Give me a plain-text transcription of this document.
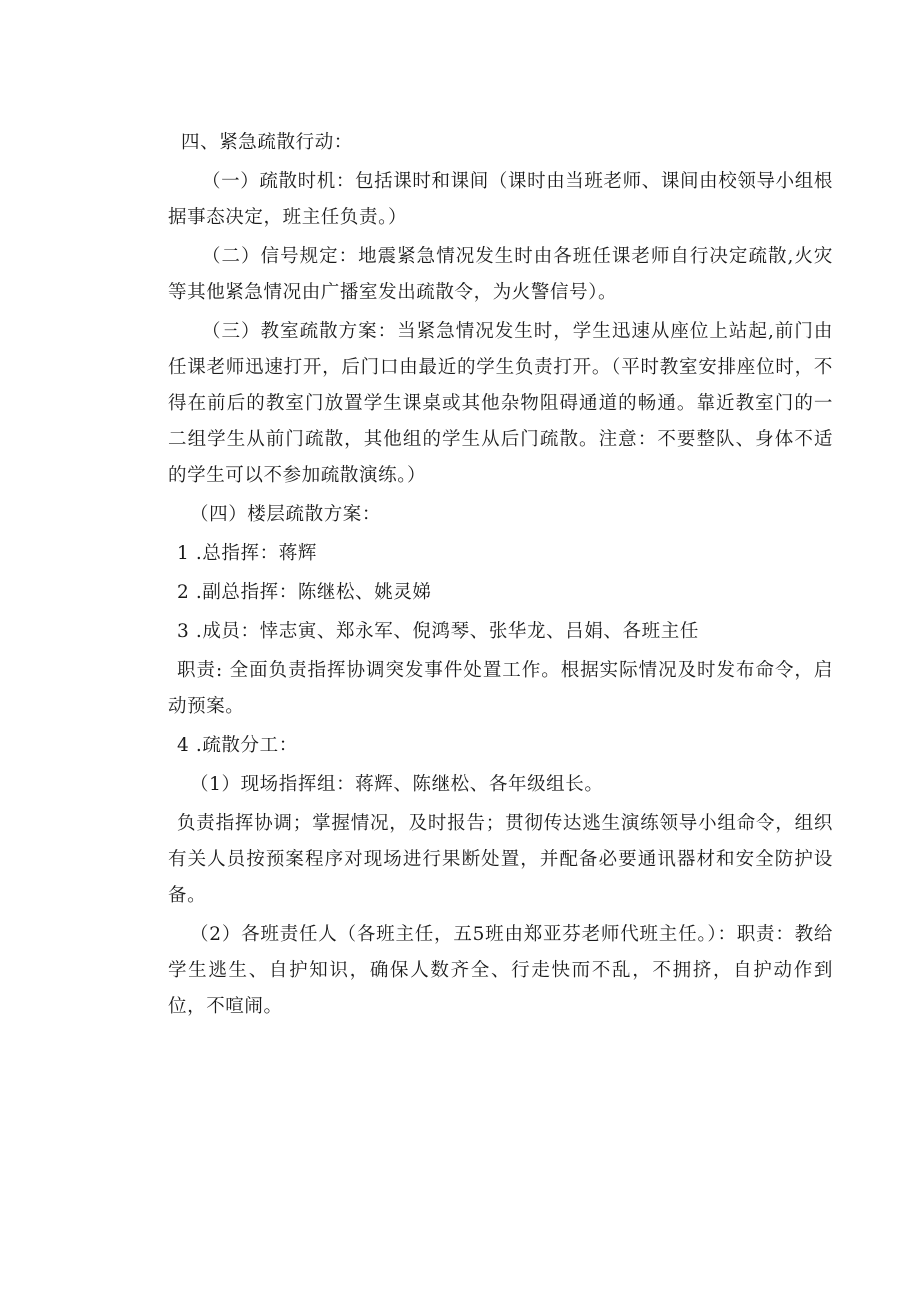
四、紧急疏散行动：

（一）疏散时机：包括课时和课间（课时由当班老师、课间由校领导小组根据事态决定，班主任负责。）

（二）信号规定：地震紧急情况发生时由各班任课老师自行决定疏散,火灾等其他紧急情况由广播室发出疏散令，为火警信号）。

（三）教室疏散方案：当紧急情况发生时，学生迅速从座位上站起,前门由任课老师迅速打开，后门口由最近的学生负责打开。（平时教室安排座位时，不得在前后的教室门放置学生课桌或其他杂物阻碍通道的畅通。靠近教室门的一二组学生从前门疏散，其他组的学生从后门疏散。注意：不要整队、身体不适的学生可以不参加疏散演练。）

（四）楼层疏散方案：

1 .总指挥：蒋辉

2 .副总指挥：陈继松、姚灵娣

3 .成员：悻志寅、郑永军、倪鸿琴、张华龙、吕娟、各班主任

职责: 全面负责指挥协调突发事件处置工作。根据实际情况及时发布命令，启动预案。

4 .疏散分工：

（1）现场指挥组：蒋辉、陈继松、各年级组长。

负责指挥协调；掌握情况，及时报告；贯彻传达逃生演练领导小组命令，组织有关人员按预案程序对现场进行果断处置，并配备必要通讯器材和安全防护设备。

（2）各班责任人（各班主任，五5班由郑亚芬老师代班主任。）：职责：教给学生逃生、自护知识，确保人数齐全、行走快而不乱，不拥挤，自护动作到位，不喧闹。
